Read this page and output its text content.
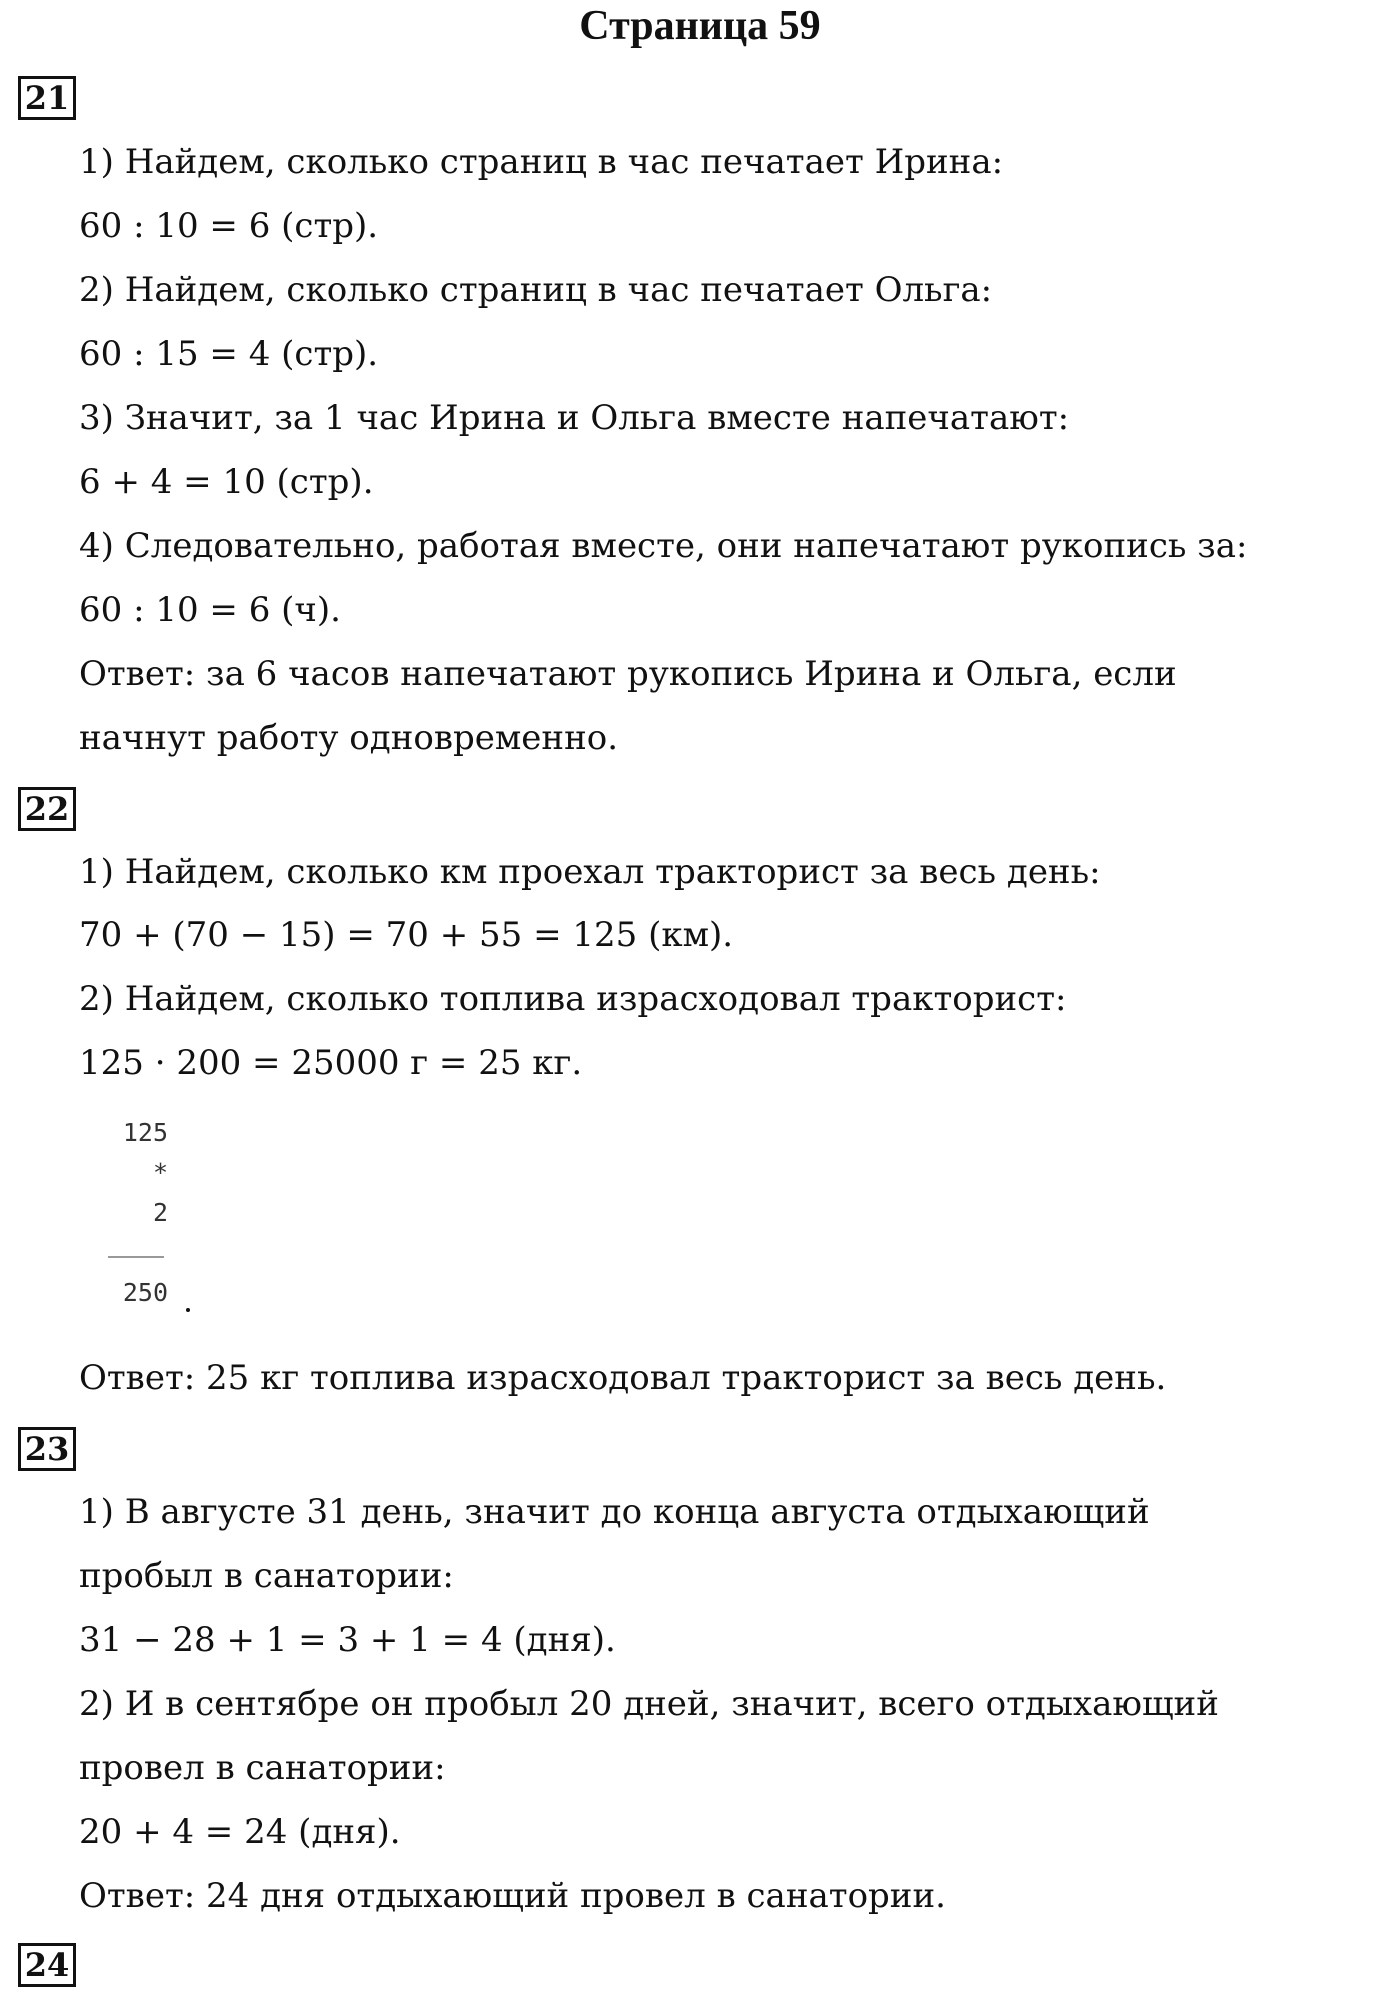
Страница 59
21
1) Найдем, сколько страниц в час печатает Ирина:
60 : 10 = 6 (стр).
2) Найдем, сколько страниц в час печатает Ольга:
60 : 15 = 4 (стр).
3) Значит, за 1 час Ирина и Ольга вместе напечатают:
6 + 4 = 10 (стр).
4) Следовательно, работая вместе, они напечатают рукопись за:
60 : 10 = 6 (ч).
Ответ: за 6 часов напечатают рукопись Ирина и Ольга, если
начнут работу одновременно.
22
1) Найдем, сколько км проехал тракторист за весь день:
70 + (70 − 15) = 70 + 55 = 125 (км).
2) Найдем, сколько топлива израсходовал тракторист:
125 · 200 = 25000 г = 25 кг.
125
*
2
250
Ответ: 25 кг топлива израсходовал тракторист за весь день.
23
1) В августе 31 день, значит до конца августа отдыхающий
пробыл в санатории:
31 − 28 + 1 = 3 + 1 = 4 (дня).
2) И в сентябре он пробыл 20 дней, значит, всего отдыхающий
провел в санатории:
20 + 4 = 24 (дня).
Ответ: 24 дня отдыхающий провел в санатории.
24
